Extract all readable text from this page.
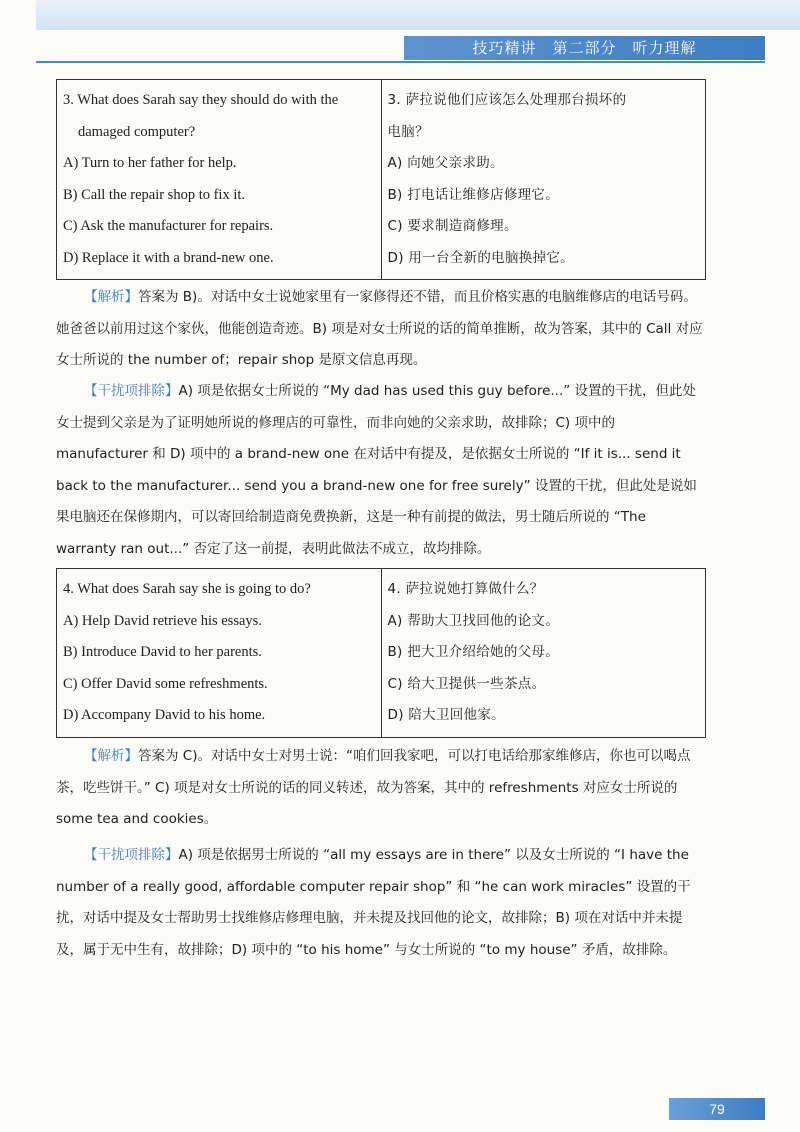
技巧精讲　第二部分　听力理解
3. What does Sarah say they should do with the
damaged computer?
A) Turn to her father for help.
B) Call the repair shop to fix it.
C) Ask the manufacturer for repairs.
D) Replace it with a brand-new one.

3. 萨拉说他们应该怎么处理那台损坏的
电脑？
A) 向她父亲求助。
B) 打电话让维修店修理它。
C) 要求制造商修理。
D) 用一台全新的电脑换掉它。
【解析】答案为 B)。对话中女士说她家里有一家修得还不错，而且价格实惠的电脑维修店的电话号码。她爸爸以前用过这个家伙，他能创造奇迹。B) 项是对女士所说的话的简单推断，故为答案，其中的 Call 对应女士所说的 the number of；repair shop 是原文信息再现。
【干扰项排除】A) 项是依据女士所说的 “My dad has used this guy before...” 设置的干扰，但此处女士提到父亲是为了证明她所说的修理店的可靠性，而非向她的父亲求助，故排除；C) 项中的 manufacturer 和 D) 项中的 a brand-new one 在对话中有提及，是依据女士所说的 “If it is... send it back to the manufacturer... send you a brand-new one for free surely” 设置的干扰，但此处是说如果电脑还在保修期内，可以寄回给制造商免费换新，这是一种有前提的做法，男士随后所说的 “The warranty ran out...” 否定了这一前提，表明此做法不成立，故均排除。
4. What does Sarah say she is going to do?
A) Help David retrieve his essays.
B) Introduce David to her parents.
C) Offer David some refreshments.
D) Accompany David to his home.

4. 萨拉说她打算做什么？
A) 帮助大卫找回他的论文。
B) 把大卫介绍给她的父母。
C) 给大卫提供一些茶点。
D) 陪大卫回他家。
【解析】答案为 C)。对话中女士对男士说：“咱们回我家吧，可以打电话给那家维修店，你也可以喝点茶，吃些饼干。” C) 项是对女士所说的话的同义转述，故为答案，其中的 refreshments 对应女士所说的 some tea and cookies。
【干扰项排除】A) 项是依据男士所说的 “all my essays are in there” 以及女士所说的 “I have the number of a really good, affordable computer repair shop” 和 “he can work miracles” 设置的干扰，对话中提及女士帮助男士找维修店修理电脑，并未提及找回他的论文，故排除；B) 项在对话中并未提及，属于无中生有，故排除；D) 项中的 “to his home” 与女士所说的 “to my house” 矛盾，故排除。
79
